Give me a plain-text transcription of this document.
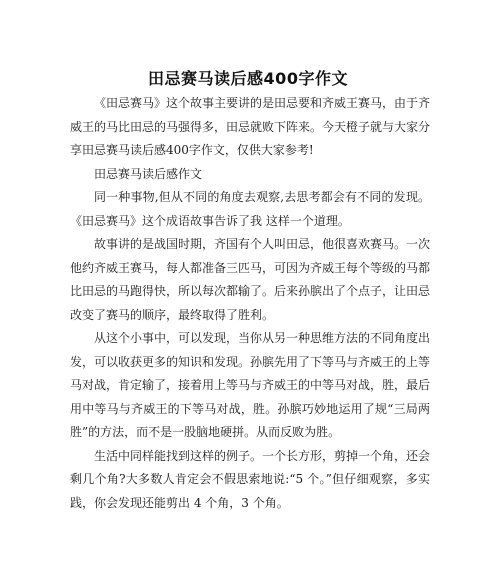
田忌赛马读后感400字作文

《田忌赛马》这个故事主要讲的是田忌要和齐威王赛马，由于齐威王的马比田忌的马强得多，田忌就败下阵来。今天橙子就与大家分享田忌赛马读后感400字作文，仅供大家参考!

田忌赛马读后感作文

同一种事物,但从不同的角度去观察,去思考都会有不同的发现。《田忌赛马》这个成语故事告诉了我 这样一个道理。

故事讲的是战国时期，齐国有个人叫田忌，他很喜欢赛马。一次他约齐威王赛马，每人都准备三匹马，可因为齐威王每个等级的马都比田忌的马跑得快，所以每次都输了。后来孙膑出了个点子，让田忌改变了赛马的顺序，最终取得了胜利。

从这个小事中，可以发现，当你从另一种思维方法的不同角度出发，可以收获更多的知识和发现。孙膑先用了下等马与齐威王的上等马对战，肯定输了，接着用上等马与齐威王的中等马对战，胜，最后用中等马与齐威王的下等马对战，胜。孙膑巧妙地运用了规“三局两胜”的方法，而不是一股脑地硬拼。从而反败为胜。

生活中同样能找到这样的例子。一个长方形，剪掉一个角，还会剩几个角?大多数人肯定会不假思索地说:“5 个。”但仔细观察，多实践，你会发现还能剪出 4 个角，3 个角。
